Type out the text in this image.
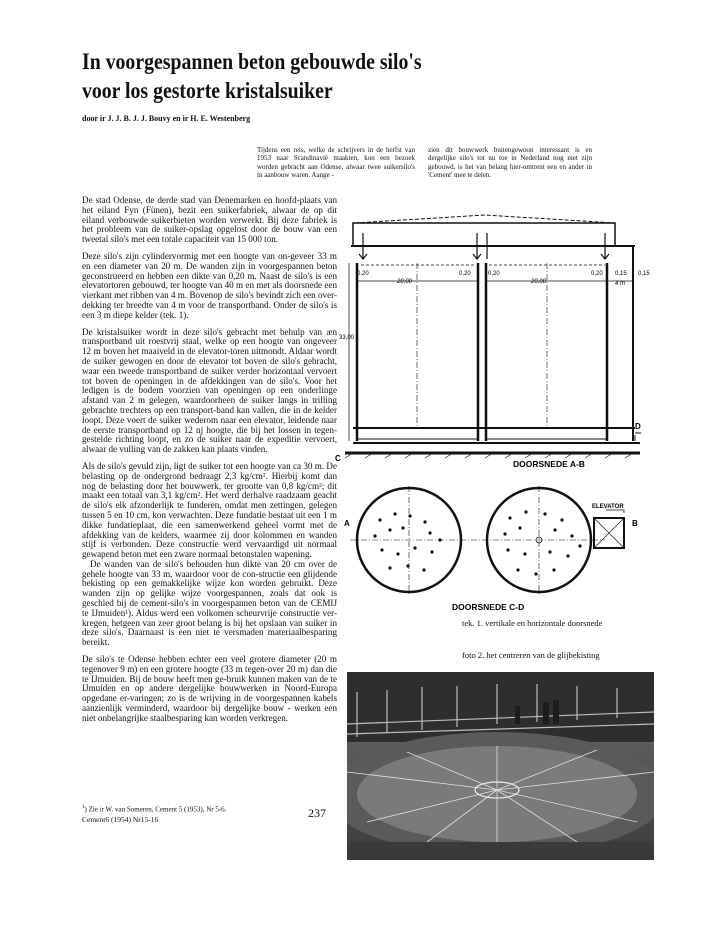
In voorgespannen beton gebouwde silo's
voor los gestorte kristalsuiker
door ir J. J. B. J. J. Bouvy en ir H. E. Westenberg
Tijdens een reis, welke de schrijvers in de herfst van 1953 naar Scandinavië maakten, kon een bezoek worden gebracht aan Odense, alwaar twee suikersilo's in aanbouw waren. Aange -
zien dit bouwwerk buitengewoon interessant is en dergelijke silo's tot nu toe in Nederland nog niet zijn gebouwd, is het van belang hier-omtrent een en ander in 'Cement' mee te delen.

De stad Odense, de derde stad van Denemarken en hoofd-plaats van het eiland Fyn (Fünen), bezit een suikerfabriek, alwaar de op dit eiland verbouwde suikerbieten worden verwerkt. Bij deze fabriek is het probleem van de suiker-opslag opgelost door de bouw van een tweetal silo's met een totale capaciteit van 15 000 ton.

Deze silo's zijn cylindervormig met een hoogte van on-geveer 33 m en een diameter van 20 m. De wanden zijn in voorgespannen beton geconstrueerd en hebben een dikte van 0,20 m. Naast de silo's is een elevatortoren gebouwd, ter hoogte van 40 m en met als doorsnede een vierkant met ribben van 4 m. Bovenop de silo's bevindt zich een over-dekking ter breedte van 4 m voor de transportband. Onder de silo's is een 3 m diepe kelder (tek. 1).

De kristalsuiker wordt in deze silo's gebracht met behulp van æn transportband uit roestvrij staal, welke op een hoogte van ongeveer 12 m boven het maaiveld in de elevator-toren uitmondt. Aldaar wordt de suiker gewogen en door de elevator tot boven de silo's gebracht, waar een tweede transportband de suiker verder horizontaal vervoert tot boven de openingen in de afdekkingen van de silo's. Voor het ledigen is de bodem voorzien van openingen op een onderlinge afstand van 2 m gelegen, waardoorheen de suiker langs in trilling gebrachte trechters op een transport-band kan vallen, die in de kelder loopt. Deze voert de suiker wederom naar een elevator, leidende naar de eerste transportband op 12 nj hoogte, die bij het lossen in tegen-gestelde richting loopt, en zo de suiker naar de expeditie vervoert, alwaar de vulling van de zakken kan plaats vinden.

Als de silo's gevuld zijn, ligt de suiker tot een hoogte van ca 30 m. De belasting op de ondergrond bedraagt 2,3 kg/cm². Hierbij komt dan nog de belasting door het bouwwerk, ter grootte van 0,8 kg/cm²; dit maakt een totaal van 3,1 kg/cm². Het werd derhalve raadzaam geacht de silo's elk afzonderlijk te funderen, omdat men zettingen, gelegen tussen 5 en 10 cm, kon verwachten. Deze fundatie bestaat uit een 1 m dikke fundatieplaat, die een samenwerkend geheel vormt met de afdekking van de kelders, waarmee zij door kolommen en wanden stijf is verbonden. Deze constructie werd vervaardigd uit normaal gewapend beton met een zware normaal betonstalen wapening.

De wanden van de silo's behouden hun dikte van 20 cm over de gehele hoogte van 33 m, waardoor voor de con-structie een glijdende bekisting op een gemakkelijke wijze kon worden gebruikt. Deze wanden zijn op gelijke wijze voorgespannen, zoals dat ook is geschied bij de cement-silo's in voorgespannen beton van de CEMIJ te IJmuiden¹). Aldus werd een volkomen scheurvrije constructie ver-kregen, hetgeen van zeer groot belang is bij het opslaan van suiker in deze silo's. Daarnaast is een niet te versmaden materiaalbesparing bereikt.

De silo's te Odense hebben echter een veel grotere diameter (20 m tegenover 9 m) en een grotere hoogte (33 m tegen-over 20 m) dan die te IJmuiden. Bij de bouw heeft men ge-bruik kunnen maken van de te IJmuiden en op andere dergelijke bouwwerken in Noord-Europa opgedane er-varingen; zo is de wrijving in de voorgespannen kabels aanzienlijk verminderd, waardoor bij dergelijke bouw - werken een niet onbelangrijke staalbesparing kan worden verkregen.

$^1$) Zie ir W. van Someren, Cement 5 (1953), Nr 5-6.
Cement6 (1954) Nr15-16	237
0,20
20,00
0,20	0,20
20,00
0,20 0,15
4 m
0,15
33,00
C
D
DOORSNEDE A-B
A	B
ELEVATOR
DOORSNEDE C-D
tek. 1. vertikale en horizontale doorsnede
foto 2. het centreren van de glijbekisting
